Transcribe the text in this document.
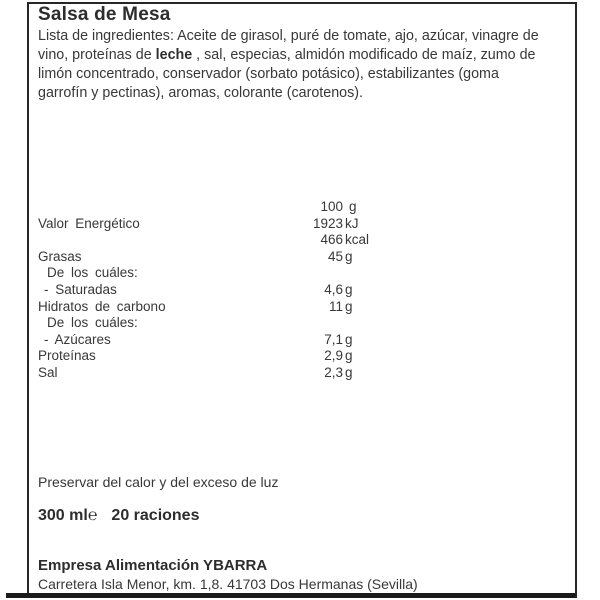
Salsa de Mesa

Lista de ingredientes: Aceite de girasol, puré de tomate, ajo, azúcar, vinagre de vino, proteínas de leche , sal, especias, almidón modificado de maíz, zumo de limón concentrado, conservador (sorbato potásico), estabilizantes (goma garrofín y pectinas), aromas, colorante (carotenos).

100 g
Valor Energético	1923 kJ
466 kcal
Grasas	45 g
De los cuáles:
- Saturadas	4,6 g
Hidratos de carbono	11 g
De los cuáles:
- Azúcares	7,1 g
Proteínas	2,9 g
Sal	2,3 g

Preservar del calor y del exceso de luz

300 ml℮ 20 raciones

Empresa Alimentación YBARRA

Carretera Isla Menor, km. 1,8. 41703 Dos Hermanas (Sevilla)
